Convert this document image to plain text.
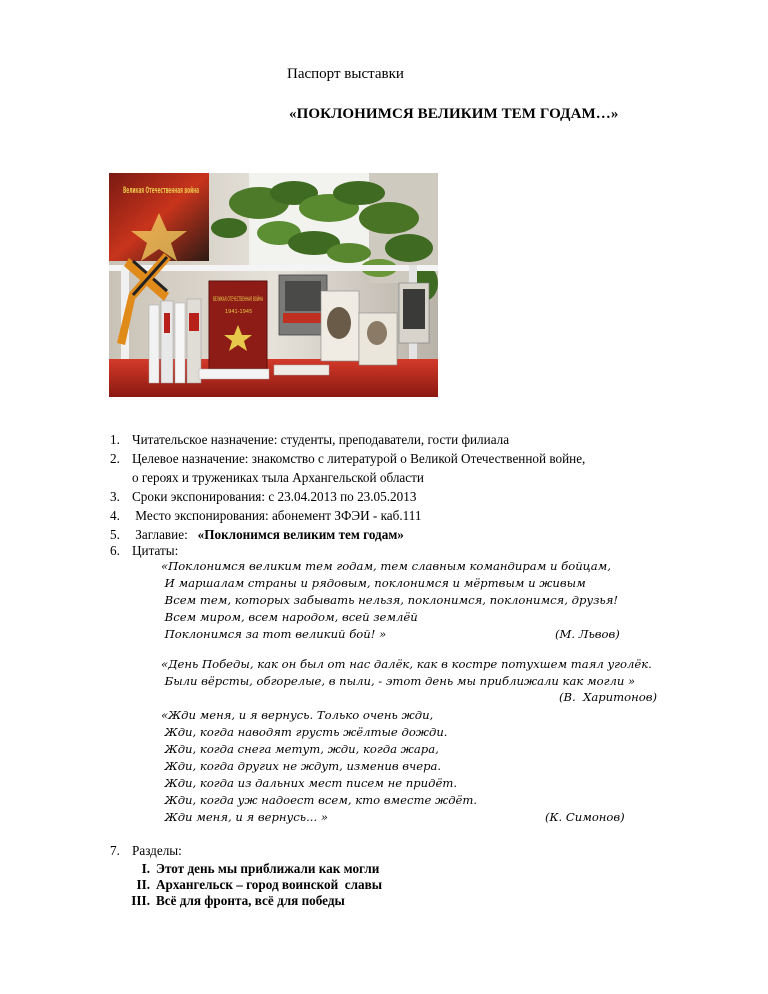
Паспорт выставки
«ПОКЛОНИМСЯ ВЕЛИКИМ ТЕМ ГОДАМ…»
Великая Отечественная война
ВЕЛИКАЯ ОТЕЧЕСТВЕННАЯ ВОЙНА
1941-1945
1. Читательское назначение: студенты, преподаватели, гости филиала
2. Целевое назначение: знакомство с литературой о Великой Отечественной войне,
о героях и тружениках тыла Архангельской области
3. Сроки экспонирования: с 23.04.2013 по 23.05.2013
4. Место экспонирования: абонемент ЗФЭИ - каб.111
5. Заглавие:   «Поклонимся великим тем годам»
6. Цитаты:
«Поклонимся великим тем годам, тем славным командирам и бойцам,
И маршалам страны и рядовым, поклонимся и мёртвым и живым
Всем тем, которых забывать нельзя, поклонимся, поклонимся, друзья!
Всем миром, всем народом, всей землёй
Поклонимся за тот великий бой! »	(М. Львов)
«День Победы, как он был от нас далёк, как в костре потухшем таял уголёк.
Были вёрсты, обгорелые, в пыли, - этот день мы приближали как могли »
(В.  Харитонов)
«Жди меня, и я вернусь. Только очень жди,
Жди, когда наводят грусть жёлтые дожди.
Жди, когда снега метут, жди, когда жара,
Жди, когда других не ждут, изменив вчера.
Жди, когда из дальних мест писем не придёт.
Жди, когда уж надоест всем, кто вместе ждёт.
Жди меня, и я вернусь... »	(К. Симонов)
7. Разделы:
I. Этот день мы приближали как могли
II. Архангельск – город воинской  славы
III. Всё для фронта, всё для победы
